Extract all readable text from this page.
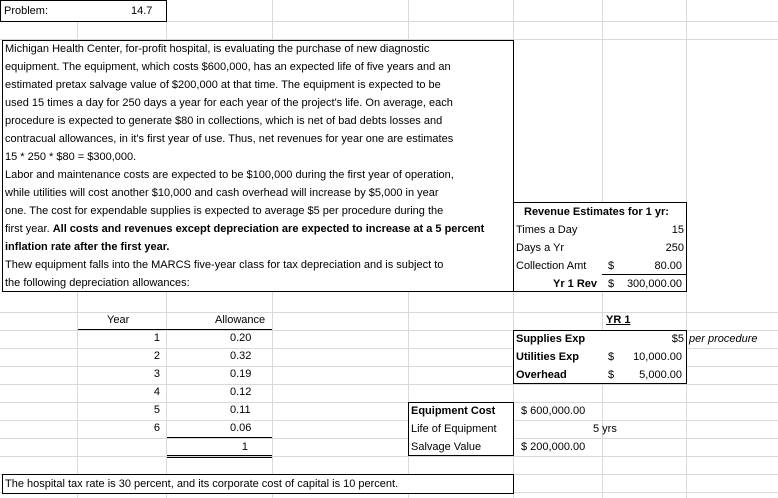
Problem:	14.7
Michigan Health Center, for-profit hospital, is evaluating the purchase of new diagnostic
equipment. The equipment, which costs $600,000, has an expected life of five years and an
estimated pretax salvage value of $200,000 at that time. The equipment is expected to be
used 15 times a day for 250 days a year for each year of the project's life. On average, each
procedure is expected to generate $80 in collections, which is net of bad debts losses and
contracual allowances, in it's first year of use. Thus, net revenues for year one are estimates
15 * 250 * $80 = $300,000.
Labor and maintenance costs are expected to be $100,000 during the first year of operation,
while utilities will cost another $10,000 and cash overhead will increase by $5,000 in year
one. The cost for expendable supplies is expected to average $5 per procedure during the
first year. All costs and revenues except depreciation are expected to increase at a 5 percent
inflation rate after the first year.
Thew equipment falls into the MARCS five-year class for tax depreciation and is subject to
the following depreciation allowances:
Revenue Estimates for 1 yr:
Times a Day	15
Days a Yr	250
Collection Amt $	80.00
Yr 1 Rev $	300,000.00
Year	Allowance
1	0.20
2	0.32
3	0.19
4	0.12
5	0.11
6	0.06
1
YR 1
Supplies Exp	$5 per procedure
Utilities Exp	$	10,000.00
Overhead	$	5,000.00
Equipment Cost $ 600,000.00
Life of Equipment	5 yrs
Salvage Value	$ 200,000.00
The hospital tax rate is 30 percent, and its corporate cost of capital is 10 percent.
